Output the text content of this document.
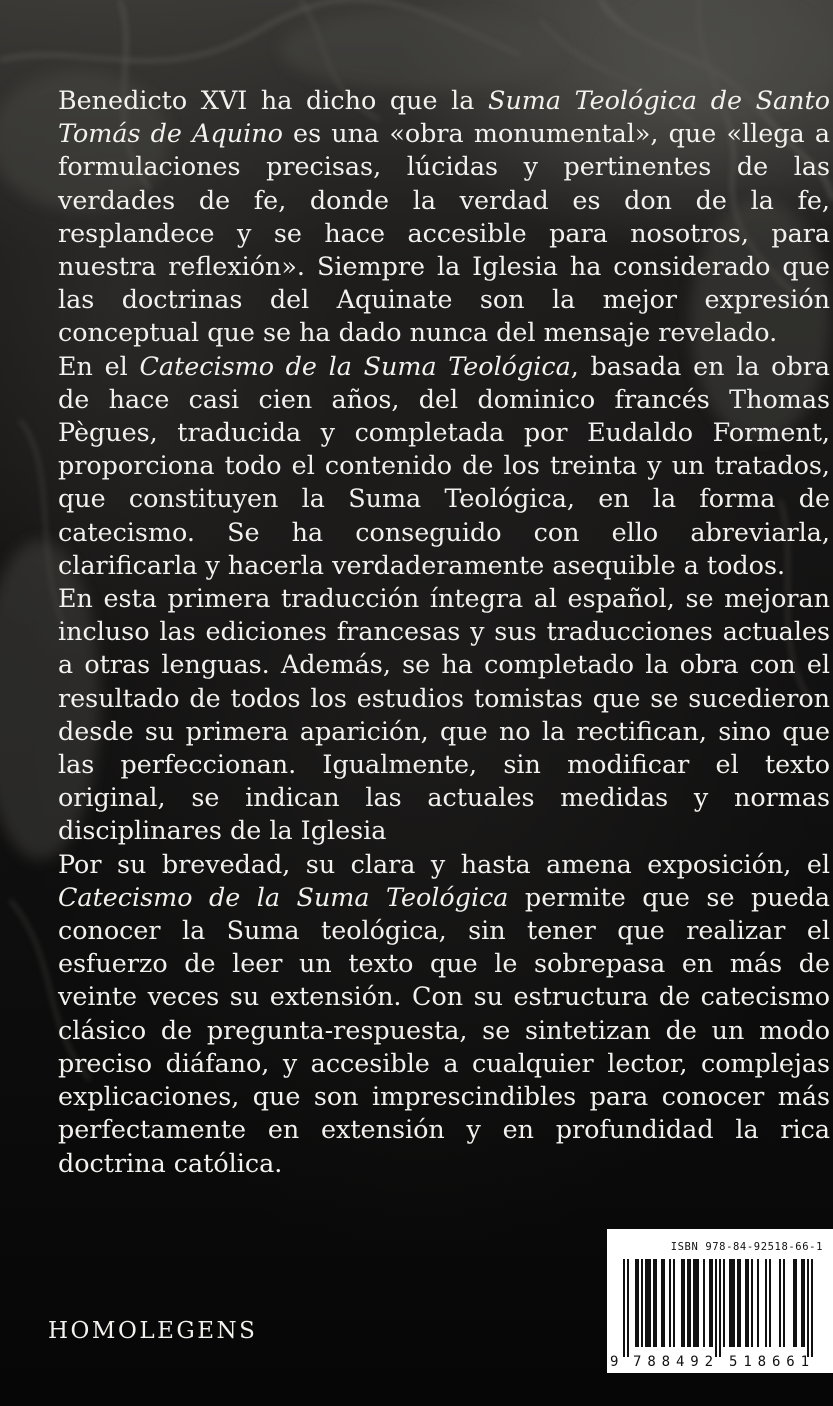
Benedicto XVI ha dicho que la Suma Teológica de Santo Tomás de Aquino es una «obra monumental», que «llega a formulaciones precisas, lúcidas y pertinentes de las verdades de fe, donde la verdad es don de la fe, resplandece y se hace accesible para nosotros, para nuestra reflexión». Siempre la Iglesia ha considerado que las doctrinas del Aquinate son la mejor expresión conceptual que se ha dado nunca del mensaje revelado.

En el Catecismo de la Suma Teológica, basada en la obra de hace casi cien años, del dominico francés Thomas Pègues, traducida y completada por Eudaldo Forment, proporciona todo el contenido de los treinta y un tratados, que constituyen la Suma Teológica, en la forma de catecismo. Se ha conseguido con ello abreviarla, clarificarla y hacerla verdaderamente asequible a todos.

En esta primera traducción íntegra al español, se mejoran incluso las ediciones francesas y sus traducciones actuales a otras lenguas. Además, se ha completado la obra con el resultado de todos los estudios tomistas que se sucedieron desde su primera aparición, que no la rectifican, sino que las perfeccionan. Igualmente, sin modificar el texto original, se indican las actuales medidas y normas disciplinares de la Iglesia

Por su brevedad, su clara y hasta amena exposición, el Catecismo de la Suma Teológica permite que se pueda conocer la Suma teológica, sin tener que realizar el esfuerzo de leer un texto que le sobrepasa en más de veinte veces su extensión. Con su estructura de catecismo clásico de pregunta-respuesta, se sintetizan de un modo preciso diáfano, y accesible a cualquier lector, complejas explicaciones, que son imprescindibles para conocer más perfectamente en extensión y en profundidad la rica doctrina católica.

HOMOLEGENS
ISBN 978-84-92518-66-1
9 788492 518661
